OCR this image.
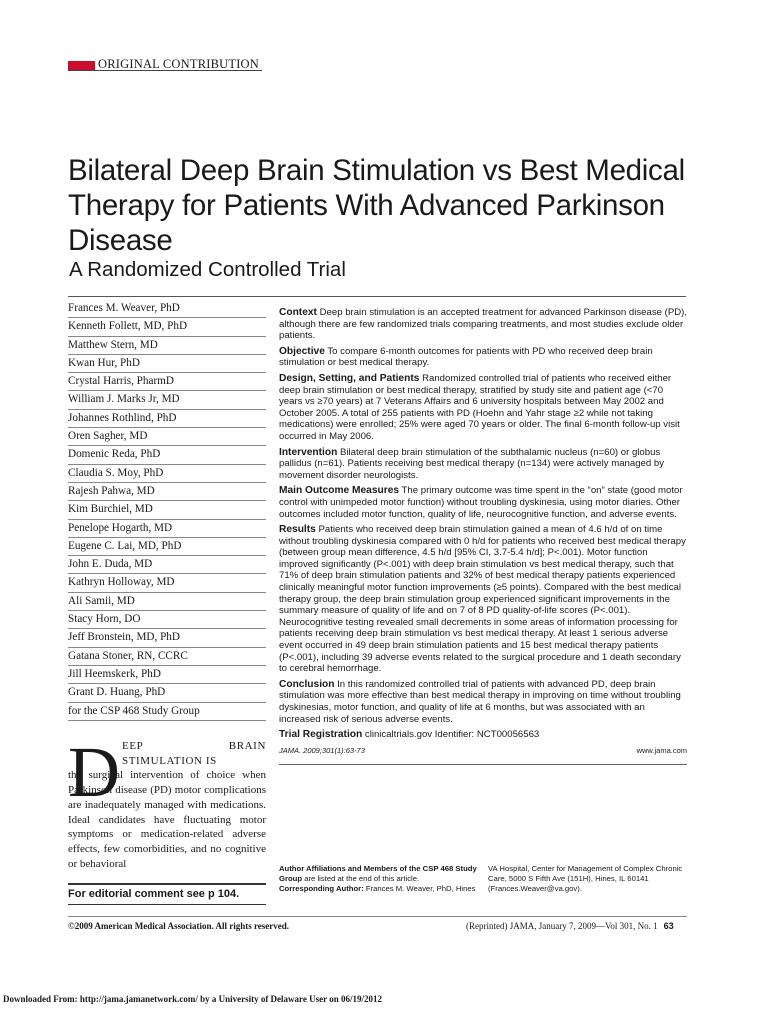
ORIGINAL CONTRIBUTION
Bilateral Deep Brain Stimulation vs Best Medical Therapy for Patients With Advanced Parkinson Disease
A Randomized Controlled Trial
Frances M. Weaver, PhD
Kenneth Follett, MD, PhD
Matthew Stern, MD
Kwan Hur, PhD
Crystal Harris, PharmD
William J. Marks Jr, MD
Johannes Rothlind, PhD
Oren Sagher, MD
Domenic Reda, PhD
Claudia S. Moy, PhD
Rajesh Pahwa, MD
Kim Burchiel, MD
Penelope Hogarth, MD
Eugene C. Lai, MD, PhD
John E. Duda, MD
Kathryn Holloway, MD
Ali Samii, MD
Stacy Horn, DO
Jeff Bronstein, MD, PhD
Gatana Stoner, RN, CCRC
Jill Heemskerk, PhD
Grant D. Huang, PhD
for the CSP 468 Study Group

Context Deep brain stimulation is an accepted treatment for advanced Parkinson disease (PD), although there are few randomized trials comparing treatments, and most studies exclude older patients.

Objective To compare 6-month outcomes for patients with PD who received deep brain stimulation or best medical therapy.

Design, Setting, and Patients Randomized controlled trial of patients who received either deep brain stimulation or best medical therapy, stratified by study site and patient age (<70 years vs ≥70 years) at 7 Veterans Affairs and 6 university hospitals between May 2002 and October 2005. A total of 255 patients with PD (Hoehn and Yahr stage ≥2 while not taking medications) were enrolled; 25% were aged 70 years or older. The final 6-month follow-up visit occurred in May 2006.

Intervention Bilateral deep brain stimulation of the subthalamic nucleus (n=60) or globus pallidus (n=61). Patients receiving best medical therapy (n=134) were actively managed by movement disorder neurologists.

Main Outcome Measures The primary outcome was time spent in the “on” state (good motor control with unimpeded motor function) without troubling dyskinesia, using motor diaries. Other outcomes included motor function, quality of life, neurocognitive function, and adverse events.

Results Patients who received deep brain stimulation gained a mean of 4.6 h/d of on time without troubling dyskinesia compared with 0 h/d for patients who received best medical therapy (between group mean difference, 4.5 h/d [95% CI, 3.7-5.4 h/d]; P<.001). Motor function improved significantly (P<.001) with deep brain stimulation vs best medical therapy, such that 71% of deep brain stimulation patients and 32% of best medical therapy patients experienced clinically meaningful motor function improvements (≥5 points). Compared with the best medical therapy group, the deep brain stimulation group experienced significant improvements in the summary measure of quality of life and on 7 of 8 PD quality-of-life scores (P<.001). Neurocognitive testing revealed small decrements in some areas of information processing for patients receiving deep brain stimulation vs best medical therapy. At least 1 serious adverse event occurred in 49 deep brain stimulation patients and 15 best medical therapy patients (P<.001), including 39 adverse events related to the surgical procedure and 1 death secondary to cerebral hemorrhage.

Conclusion In this randomized controlled trial of patients with advanced PD, deep brain stimulation was more effective than best medical therapy in improving on time without troubling dyskinesias, motor function, and quality of life at 6 months, but was associated with an increased risk of serious adverse events.

Trial Registration clinicaltrials.gov Identifier: NCT00056563

JAMA. 2009;301(1):63-73	www.jama.com
D EEP BRAIN STIMULATION IS
the surgical intervention of choice when Parkinson disease (PD) motor complications are inadequately managed with medications. Ideal candidates have fluctuating motor symptoms or medication-related adverse effects, few comorbidities, and no cognitive or behavioral

For editorial comment see p 104.
Author Affiliations and Members of the CSP 468 Study Group are listed at the end of this article.
Corresponding Author: Frances M. Weaver, PhD, Hines
VA Hospital, Center for Management of Complex Chronic Care, 5000 S Fifth Ave (151H), Hines, IL 60141 (Frances.Weaver@va.gov).
©2009 American Medical Association. All rights reserved.	(Reprinted) JAMA, January 7, 2009—Vol 301, No. 1 63
Downloaded From: http://jama.jamanetwork.com/ by a University of Delaware User on 06/19/2012
